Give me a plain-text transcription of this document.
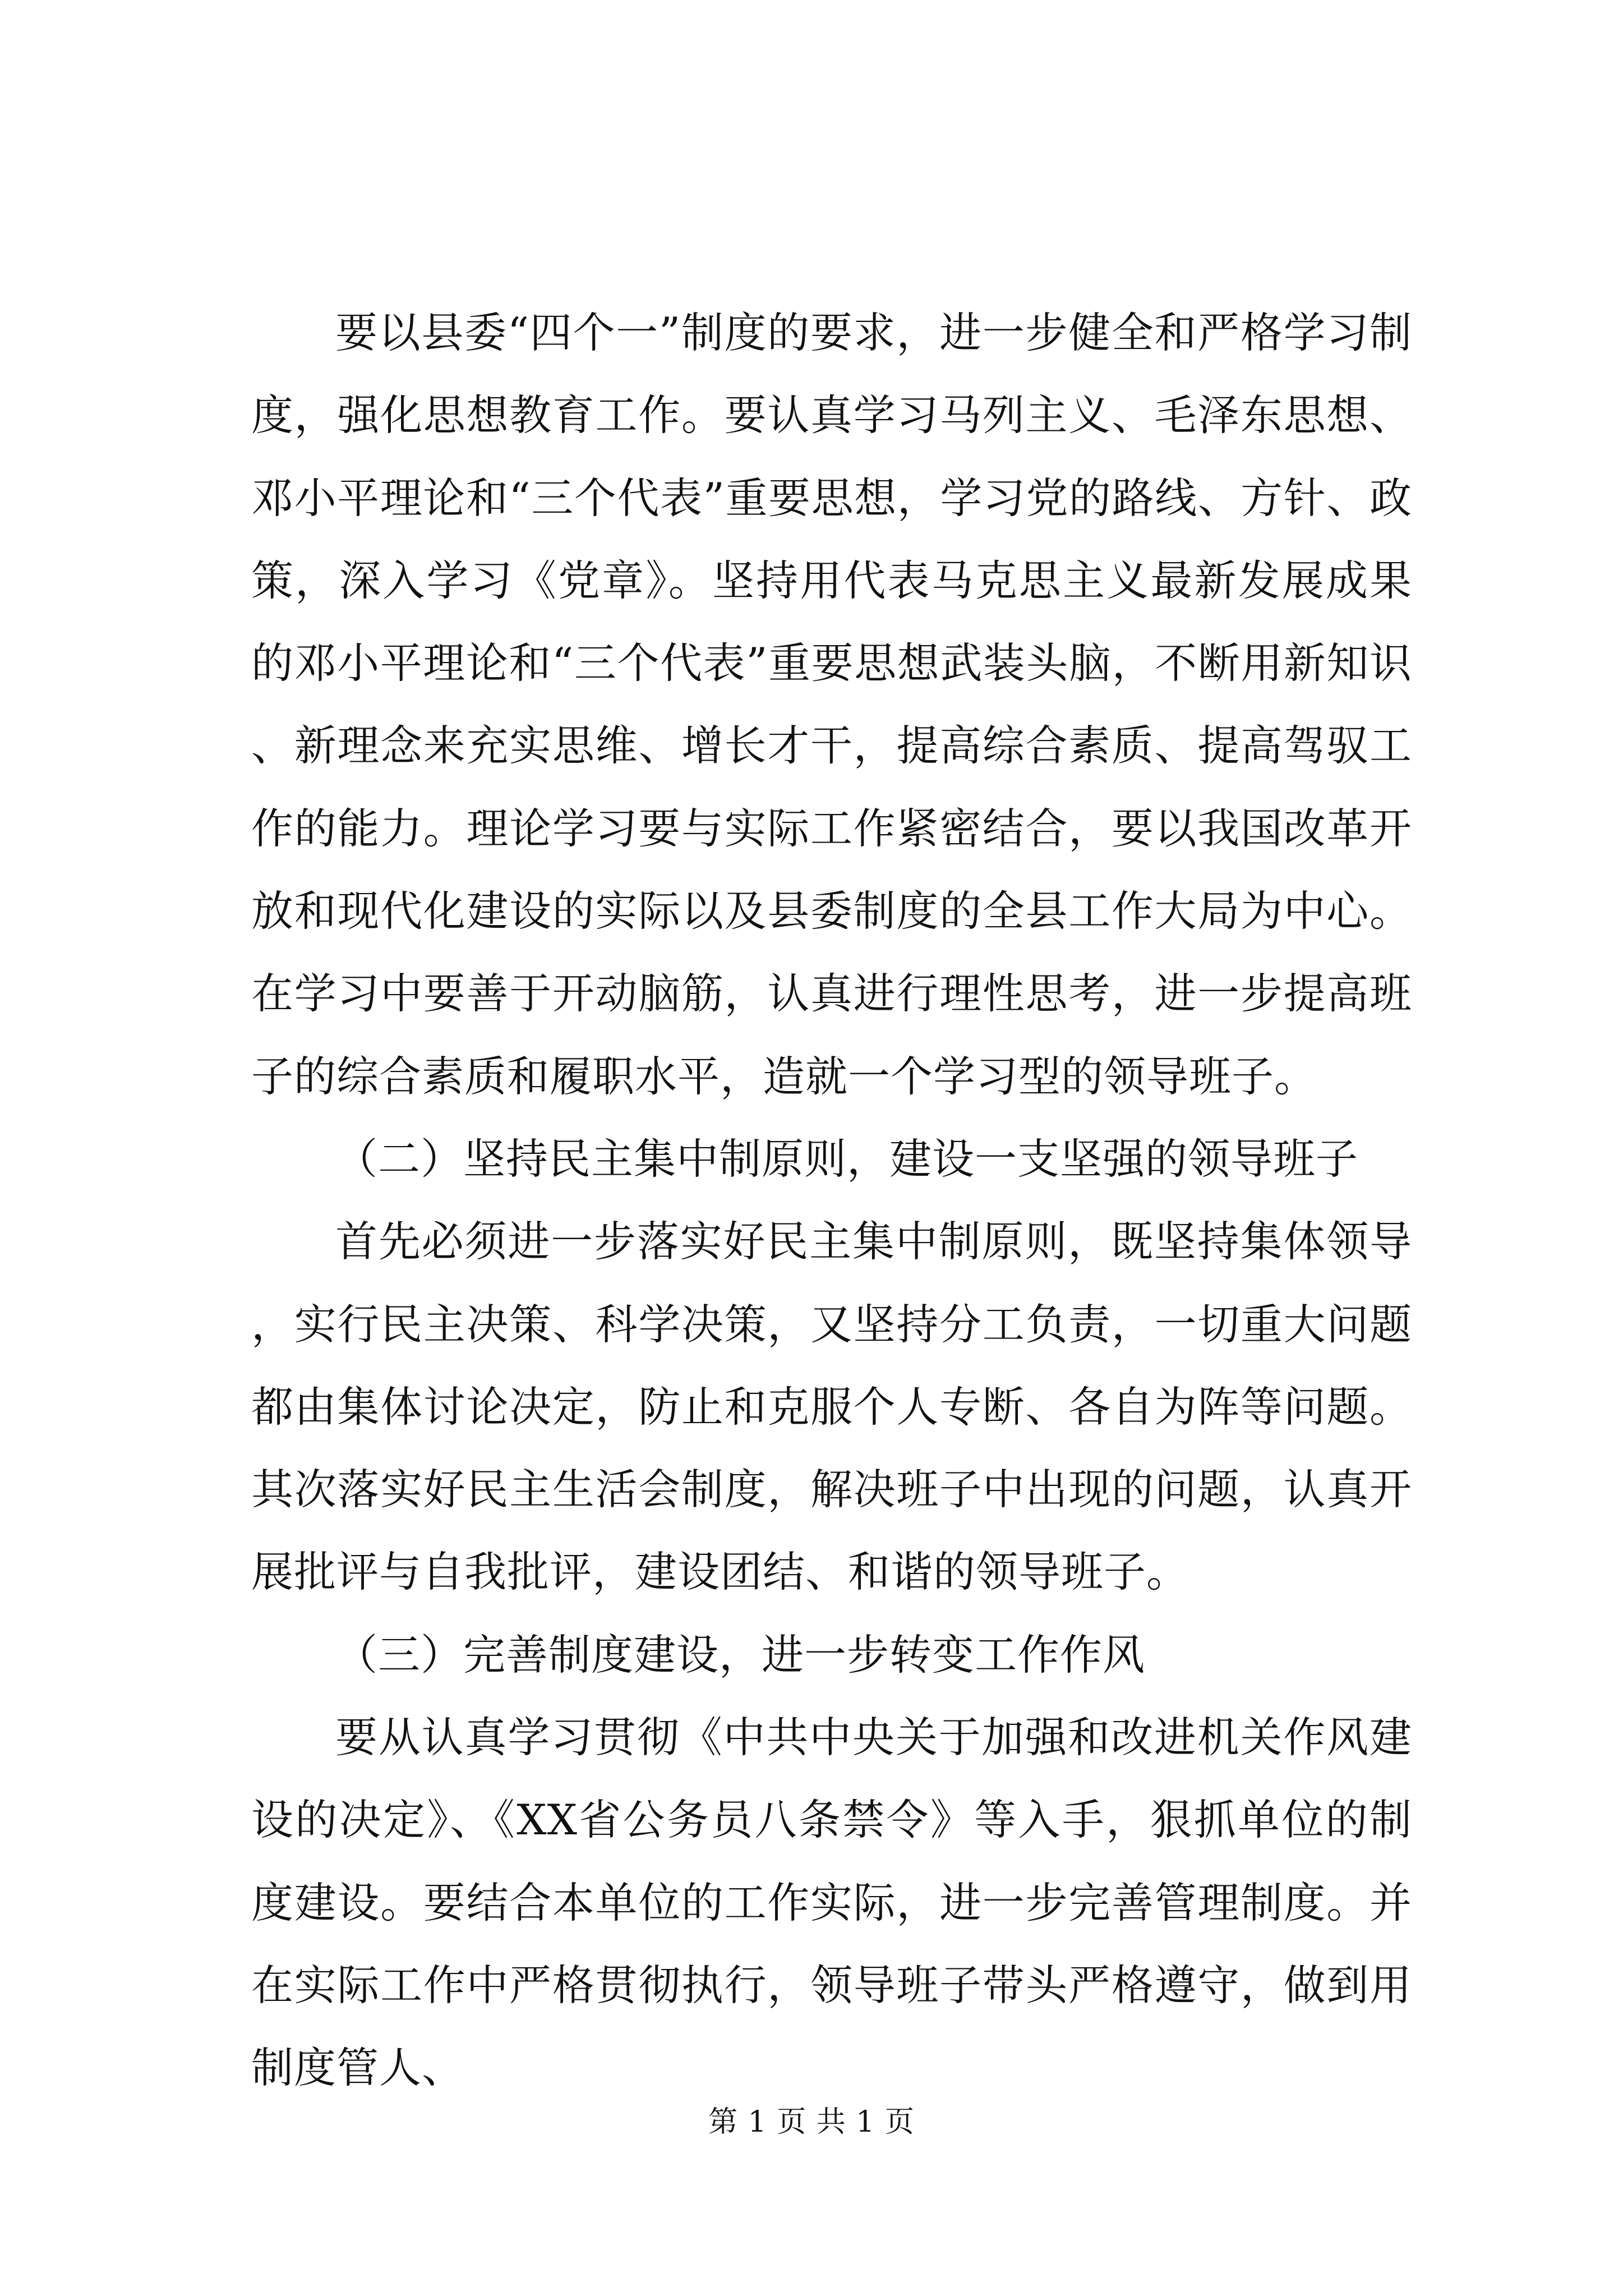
要以县委“四个一”制度的要求，进一步健全和严格学习制度，强化思想教育工作。要认真学习马列主义、毛泽东思想、邓小平理论和“三个代表”重要思想，学习党的路线、方针、政策，深入学习《党章》。坚持用代表马克思主义最新发展成果的邓小平理论和“三个代表”重要思想武装头脑，不断用新知识、新理念来充实思维、增长才干，提高综合素质、提高驾驭工作的能力。理论学习要与实际工作紧密结合，要以我国改革开放和现代化建设的实际以及县委制度的全县工作大局为中心。在学习中要善于开动脑筋，认真进行理性思考，进一步提高班子的综合素质和履职水平，造就一个学习型的领导班子。

（二）坚持民主集中制原则，建设一支坚强的领导班子

首先必须进一步落实好民主集中制原则，既坚持集体领导，实行民主决策、科学决策，又坚持分工负责，一切重大问题都由集体讨论决定，防止和克服个人专断、各自为阵等问题。其次落实好民主生活会制度，解决班子中出现的问题，认真开展批评与自我批评，建设团结、和谐的领导班子。

（三）完善制度建设，进一步转变工作作风

要从认真学习贯彻《中共中央关于加强和改进机关作风建设的决定》、《XX省公务员八条禁令》等入手，狠抓单位的制度建设。要结合本单位的工作实际，进一步完善管理制度。并在实际工作中严格贯彻执行，领导班子带头严格遵守，做到用制度管人、

第 1 页 共 1 页
